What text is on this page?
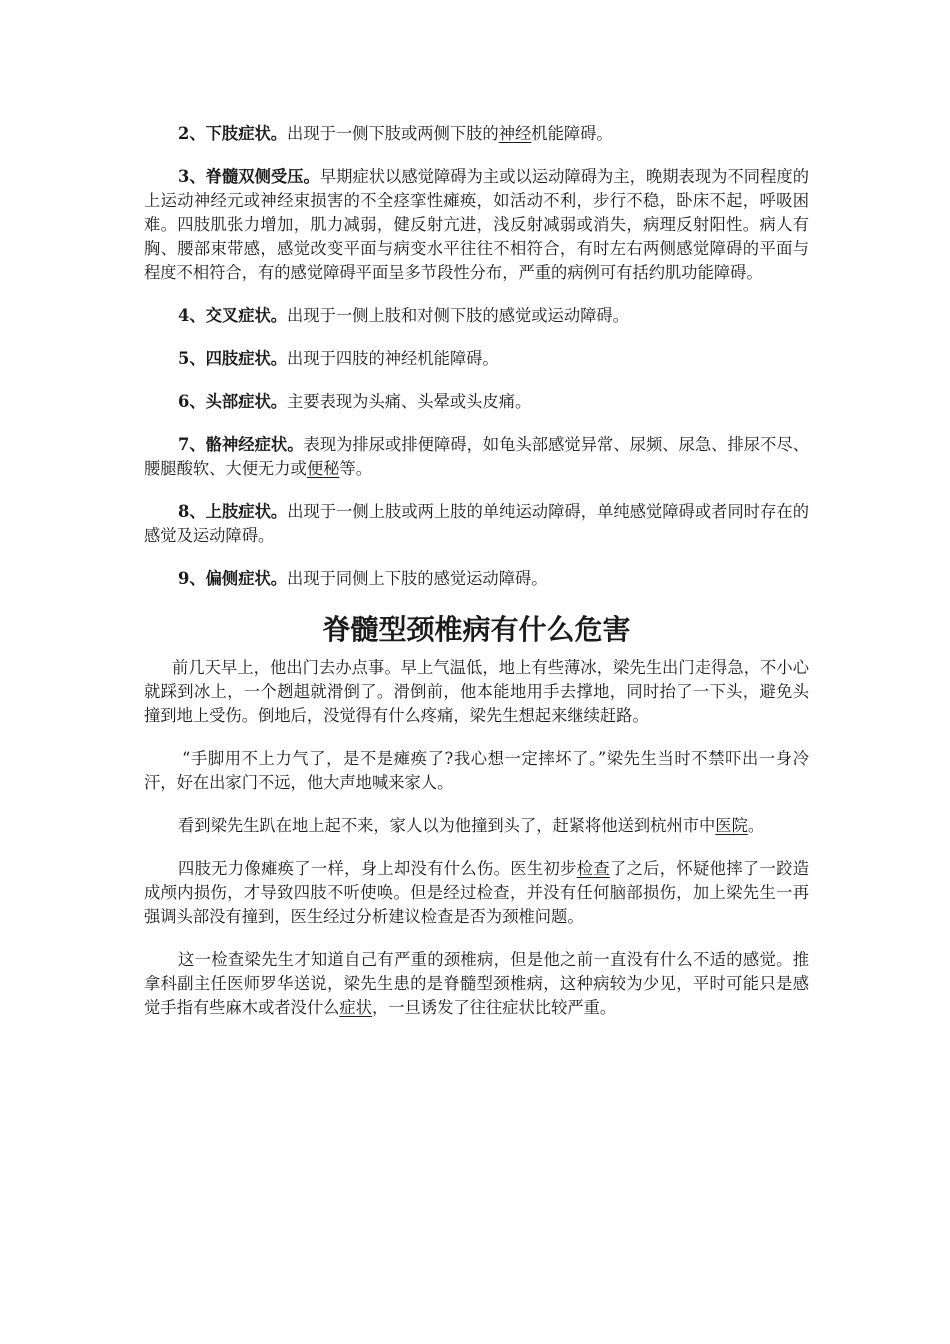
2、下肢症状。出现于一侧下肢或两侧下肢的神经机能障碍。

3、脊髓双侧受压。早期症状以感觉障碍为主或以运动障碍为主，晚期表现为不同程度的上运动神经元或神经束损害的不全痉挛性瘫痪，如活动不利，步行不稳，卧床不起，呼吸困难。四肢肌张力增加，肌力减弱，健反射亢进，浅反射减弱或消失，病理反射阳性。病人有胸、腰部束带感，感觉改变平面与病变水平往往不相符合，有时左右两侧感觉障碍的平面与程度不相符合，有的感觉障碍平面呈多节段性分布，严重的病例可有括约肌功能障碍。

4、交叉症状。出现于一侧上肢和对侧下肢的感觉或运动障碍。

5、四肢症状。出现于四肢的神经机能障碍。

6、头部症状。主要表现为头痛、头晕或头皮痛。

7、骼神经症状。表现为排尿或排便障碍，如龟头部感觉异常、尿频、尿急、排尿不尽、腰腿酸软、大便无力或便秘等。

8、上肢症状。出现于一侧上肢或两上肢的单纯运动障碍，单纯感觉障碍或者同时存在的感觉及运动障碍。

9、偏侧症状。出现于同侧上下肢的感觉运动障碍。

脊髓型颈椎病有什么危害

前几天早上，他出门去办点事。早上气温低，地上有些薄冰，梁先生出门走得急，不小心就踩到冰上，一个趔趄就滑倒了。滑倒前，他本能地用手去撑地，同时抬了一下头，避免头撞到地上受伤。倒地后，没觉得有什么疼痛，梁先生想起来继续赶路。

“手脚用不上力气了，是不是瘫痪了?我心想一定摔坏了。”梁先生当时不禁吓出一身冷汗，好在出家门不远，他大声地喊来家人。

看到梁先生趴在地上起不来，家人以为他撞到头了，赶紧将他送到杭州市中医院。

四肢无力像瘫痪了一样，身上却没有什么伤。医生初步检查了之后，怀疑他摔了一跤造成颅内损伤，才导致四肢不听使唤。但是经过检查，并没有任何脑部损伤，加上梁先生一再强调头部没有撞到，医生经过分析建议检查是否为颈椎问题。

这一检查梁先生才知道自己有严重的颈椎病，但是他之前一直没有什么不适的感觉。推拿科副主任医师罗华送说，梁先生患的是脊髓型颈椎病，这种病较为少见，平时可能只是感觉手指有些麻木或者没什么症状，一旦诱发了往往症状比较严重。
